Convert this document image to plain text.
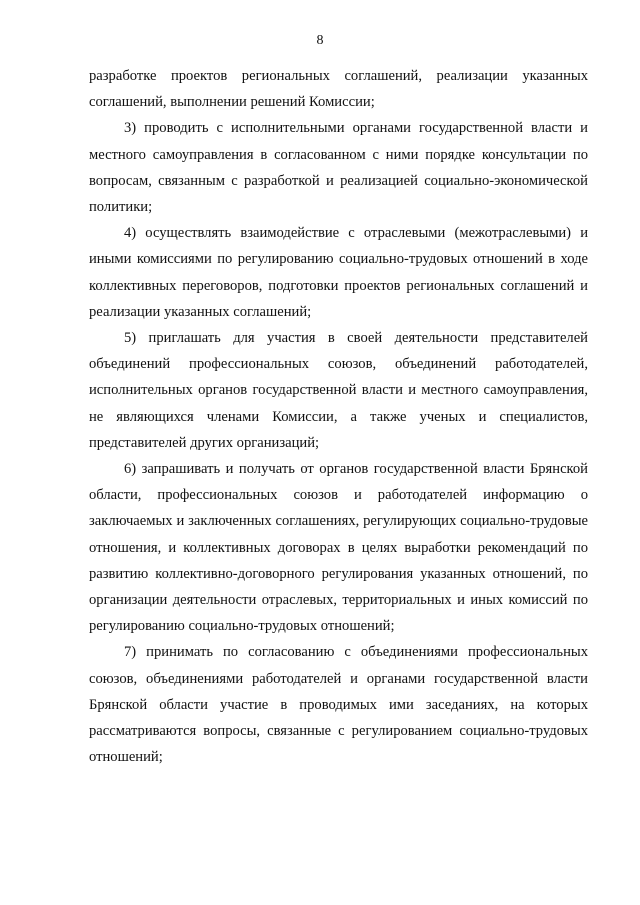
8

разработке проектов региональных соглашений, реализации указанных соглашений, выполнении решений Комиссии;

3) проводить с исполнительными органами государственной власти и местного самоуправления в согласованном с ними порядке консультации по вопросам, связанным с разработкой и реализацией социально-экономической политики;

4) осуществлять взаимодействие с отраслевыми (межотраслевыми) и иными комиссиями по регулированию социально-трудовых отношений в ходе коллективных переговоров, подготовки проектов региональных соглашений и реализации указанных соглашений;

5) приглашать для участия в своей деятельности представителей объединений профессиональных союзов, объединений работодателей, исполнительных органов государственной власти и местного самоуправления, не являющихся членами Комиссии, а также ученых и специалистов, представителей других организаций;

6) запрашивать и получать от органов государственной власти Брянской области, профессиональных союзов и работодателей информацию о заключаемых и заключенных соглашениях, регулирующих социально-трудовые отношения, и коллективных договорах в целях выработки рекомендаций по развитию коллективно-договорного регулирования указанных отношений, по организации деятельности отраслевых, территориальных и иных комиссий по регулированию социально-трудовых отношений;

7) принимать по согласованию с объединениями профессиональных союзов, объединениями работодателей и органами государственной власти Брянской области участие в проводимых ими заседаниях, на которых рассматриваются вопросы, связанные с регулированием социально-трудовых отношений;
